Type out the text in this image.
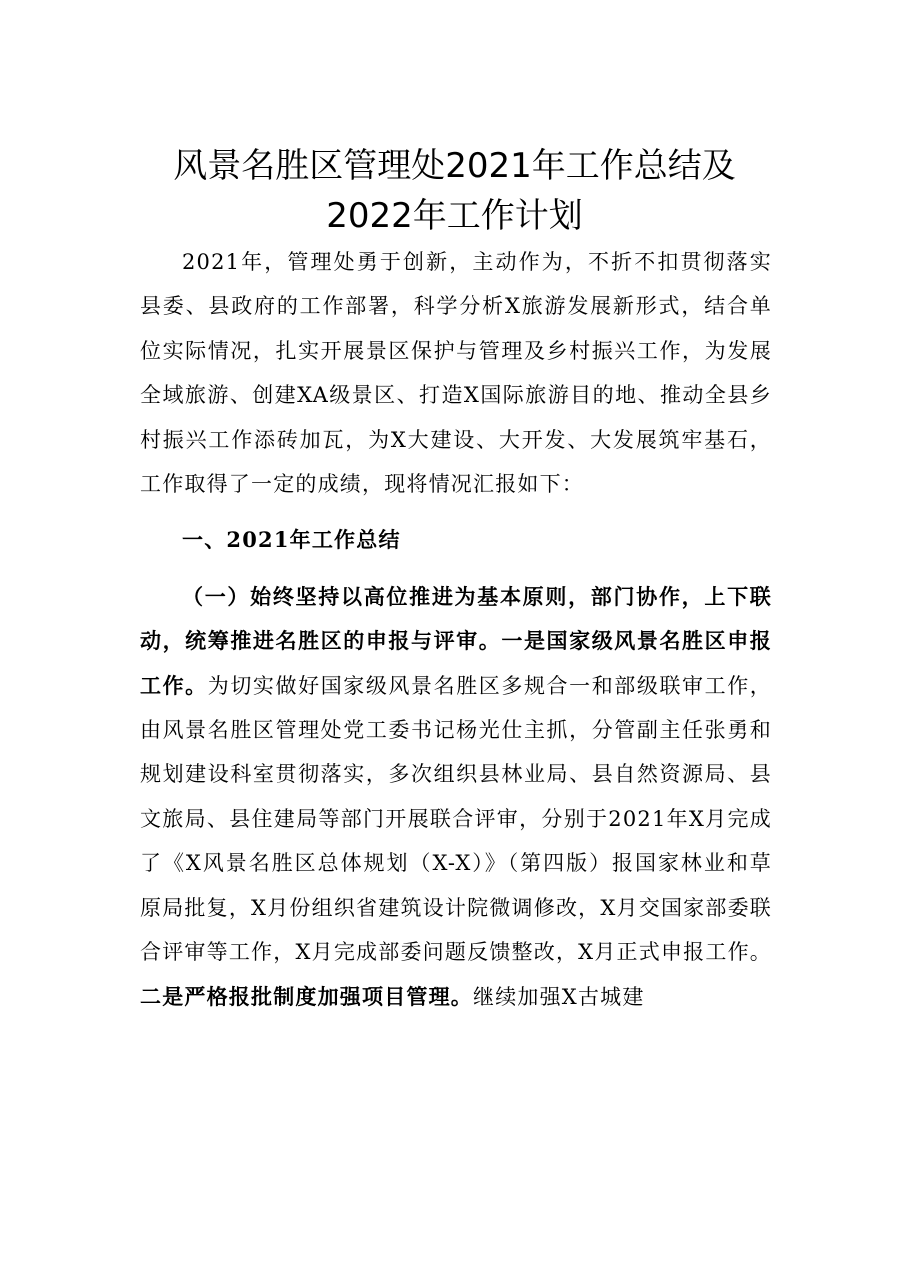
风景名胜区管理处2021年工作总结及
2022年工作计划

2021年，管理处勇于创新，主动作为，不折不扣贯彻落实县委、县政府的工作部署，科学分析X旅游发展新形式，结合单位实际情况，扎实开展景区保护与管理及乡村振兴工作，为发展全域旅游、创建XA级景区、打造X国际旅游目的地、推动全县乡村振兴工作添砖加瓦，为X大建设、大开发、大发展筑牢基石，工作取得了一定的成绩，现将情况汇报如下：

一、2021年工作总结

（一）始终坚持以高位推进为基本原则，部门协作，上下联动，统筹推进名胜区的申报与评审。一是国家级风景名胜区申报工作。为切实做好国家级风景名胜区多规合一和部级联审工作，由风景名胜区管理处党工委书记杨光仕主抓，分管副主任张勇和规划建设科室贯彻落实，多次组织县林业局、县自然资源局、县文旅局、县住建局等部门开展联合评审，分别于2021年X月完成了《X风景名胜区总体规划（X-X）》（第四版）报国家林业和草原局批复，X月份组织省建筑设计院微调修改，X月交国家部委联合评审等工作，X月完成部委问题反馈整改，X月正式申报工作。二是严格报批制度加强项目管理。继续加强X古城建
